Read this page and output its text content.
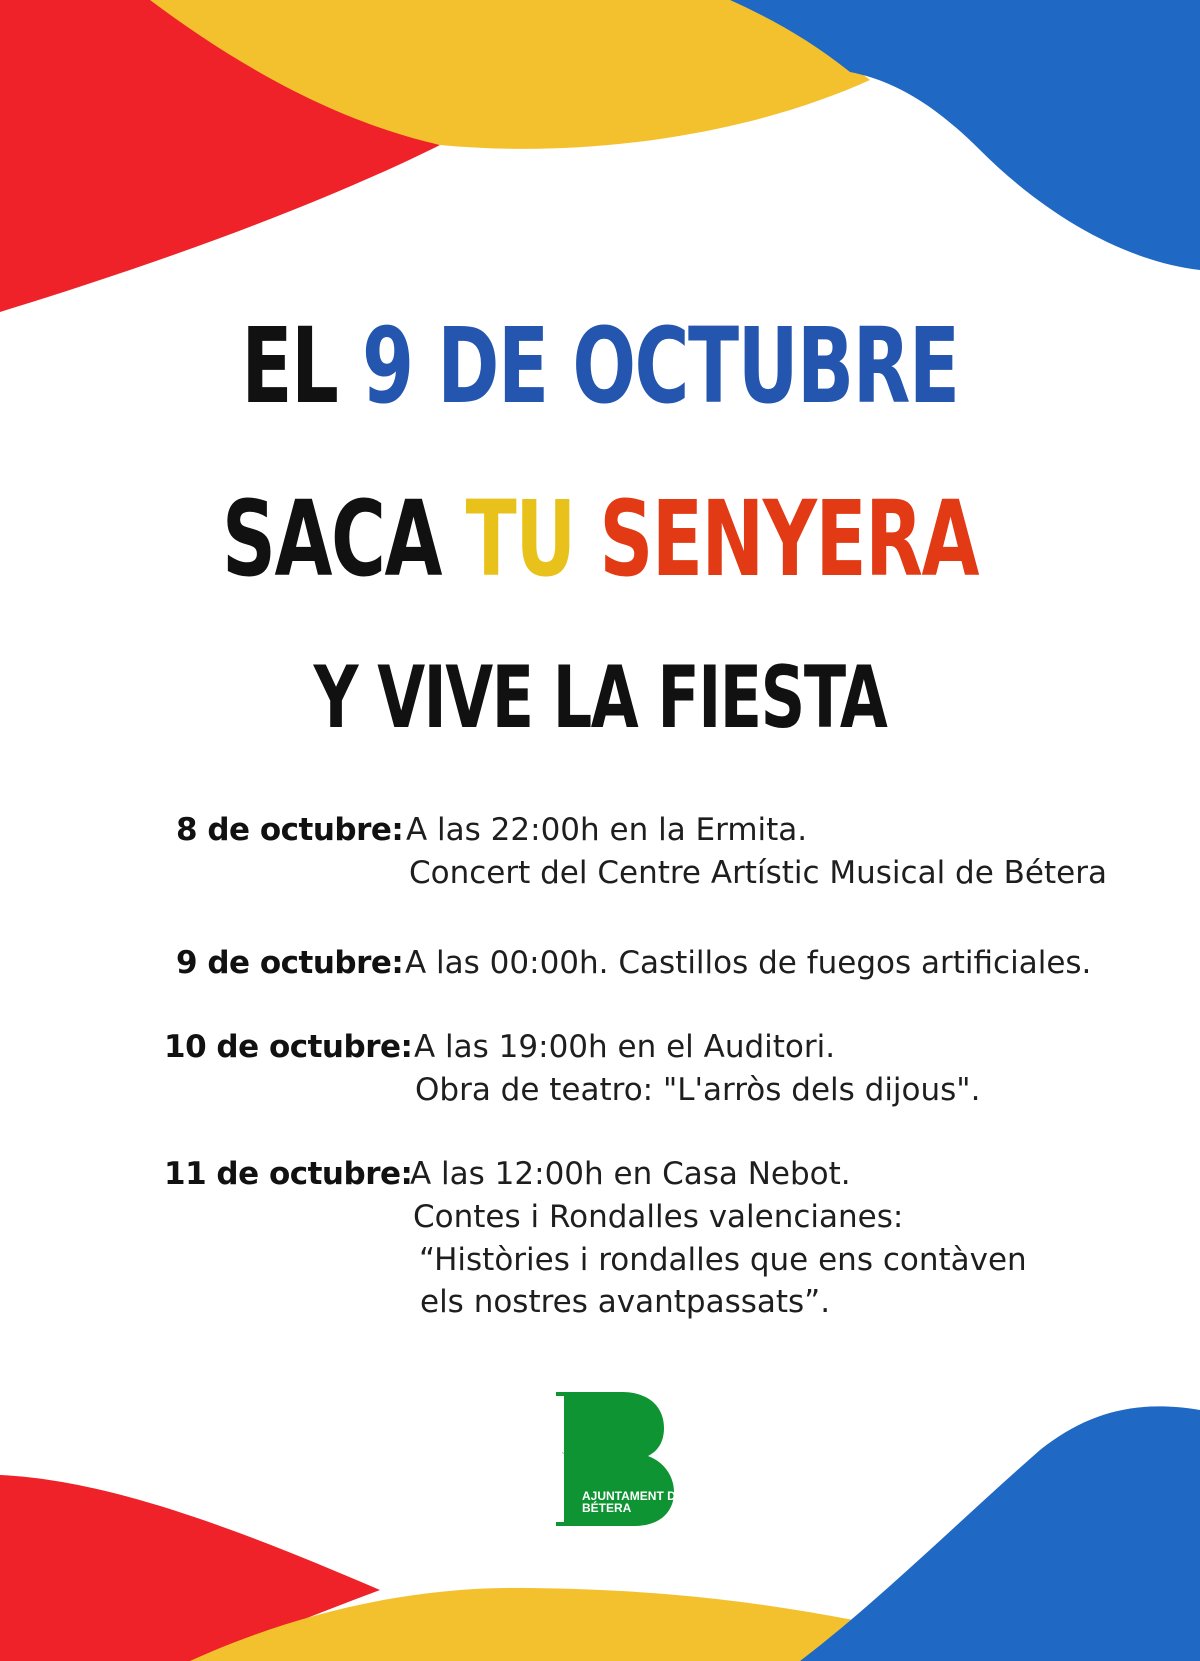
EL 9 DE OCTUBRE
SACA TU SENYERA
Y VIVE LA FIESTA
8 de octubre: A las 22:00h en la Ermita.
Concert del Centre Artístic Musical de Bétera
9 de octubre: A las 00:00h. Castillos de fuegos artificiales.
10 de octubre: A las 19:00h en el Auditori.
Obra de teatro: "L'arròs dels dijous".
11 de octubre:
A las 12:00h en Casa Nebot.
Contes i Rondalles valencianes:
“Històries i rondalles que ens contàven
els nostres avantpassats”.
AJUNTAMENT DE
BÉTERA
AJUNTAMENT DE BÉTERA
